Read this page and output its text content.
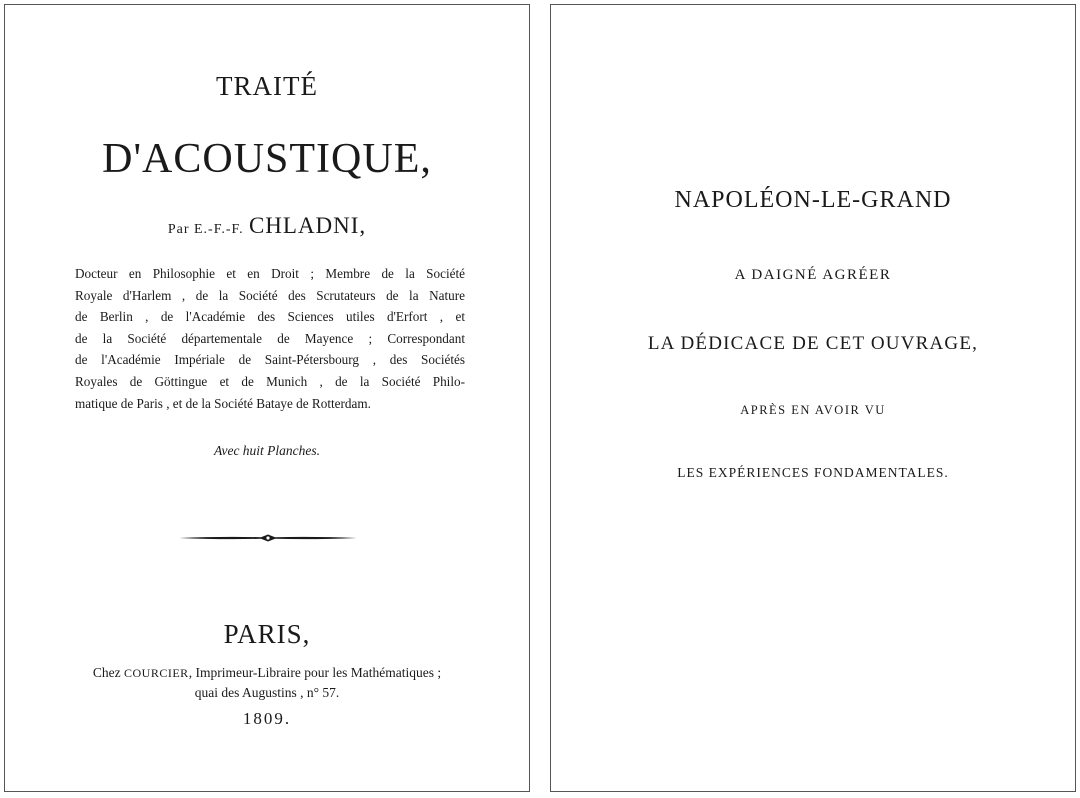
TRAITÉ
D'ACOUSTIQUE,
Par E.-F.-F. CHLADNI,
Docteur en Philosophie et en Droit ; Membre de la Société
Royale d'Harlem , de la Société des Scrutateurs de la Nature
de Berlin , de l'Académie des Sciences utiles d'Erfort , et
de la Société départementale de Mayence ; Correspondant
de l'Académie Impériale de Saint-Pétersbourg , des Sociétés
Royales de Göttingue et de Munich , de la Société Philo-
matique de Paris , et de la Société Bataye de Rotterdam.
Avec huit Planches.
PARIS,
Chez COURCIER, Imprimeur-Libraire pour les Mathématiques ;
quai des Augustins , n° 57.
1809.
NAPOLÉON-LE-GRAND
A DAIGNÉ AGRÉER
LA DÉDICACE DE CET OUVRAGE,
APRÈS EN AVOIR VU
LES EXPÉRIENCES FONDAMENTALES.
